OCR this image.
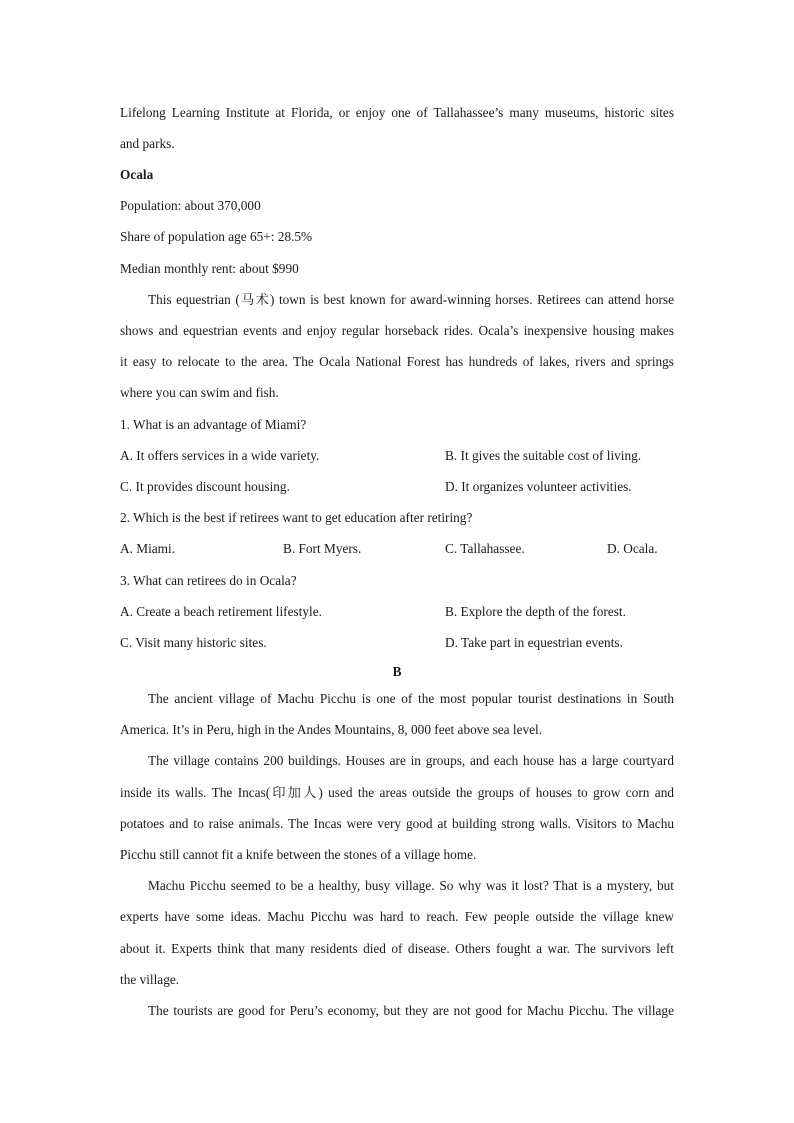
Lifelong Learning Institute at Florida, or enjoy one of Tallahassee’s many museums, historic sites
and parks.
Ocala
Population: about 370,000
Share of population age 65+: 28.5%
Median monthly rent: about $990
This equestrian (马术) town is best known for award-winning horses. Retirees can attend horse
shows and equestrian events and enjoy regular horseback rides. Ocala’s inexpensive housing makes
it easy to relocate to the area. The Ocala National Forest has hundreds of lakes, rivers and springs
where you can swim and fish.
1. What is an advantage of Miami?
A. It offers services in a wide variety.	B. It gives the suitable cost of living.
C. It provides discount housing.	D. It organizes volunteer activities.
2. Which is the best if retirees want to get education after retiring?
A. Miami.	B. Fort Myers.	C. Tallahassee.	D. Ocala.
3. What can retirees do in Ocala?
A. Create a beach retirement lifestyle.	B. Explore the depth of the forest.
C. Visit many historic sites.	D. Take part in equestrian events.
B
The ancient village of Machu Picchu is one of the most popular tourist destinations in South
America. It’s in Peru, high in the Andes Mountains, 8, 000 feet above sea level.
The village contains 200 buildings. Houses are in groups, and each house has a large courtyard
inside its walls. The Incas(印加人) used the areas outside the groups of houses to grow corn and
potatoes and to raise animals. The Incas were very good at building strong walls. Visitors to Machu
Picchu still cannot fit a knife between the stones of a village home.
Machu Picchu seemed to be a healthy, busy village. So why was it lost? That is a mystery, but
experts have some ideas. Machu Picchu was hard to reach. Few people outside the village knew
about it. Experts think that many residents died of disease. Others fought a war. The survivors left
the village.
The tourists are good for Peru’s economy, but they are not good for Machu Picchu. The village
